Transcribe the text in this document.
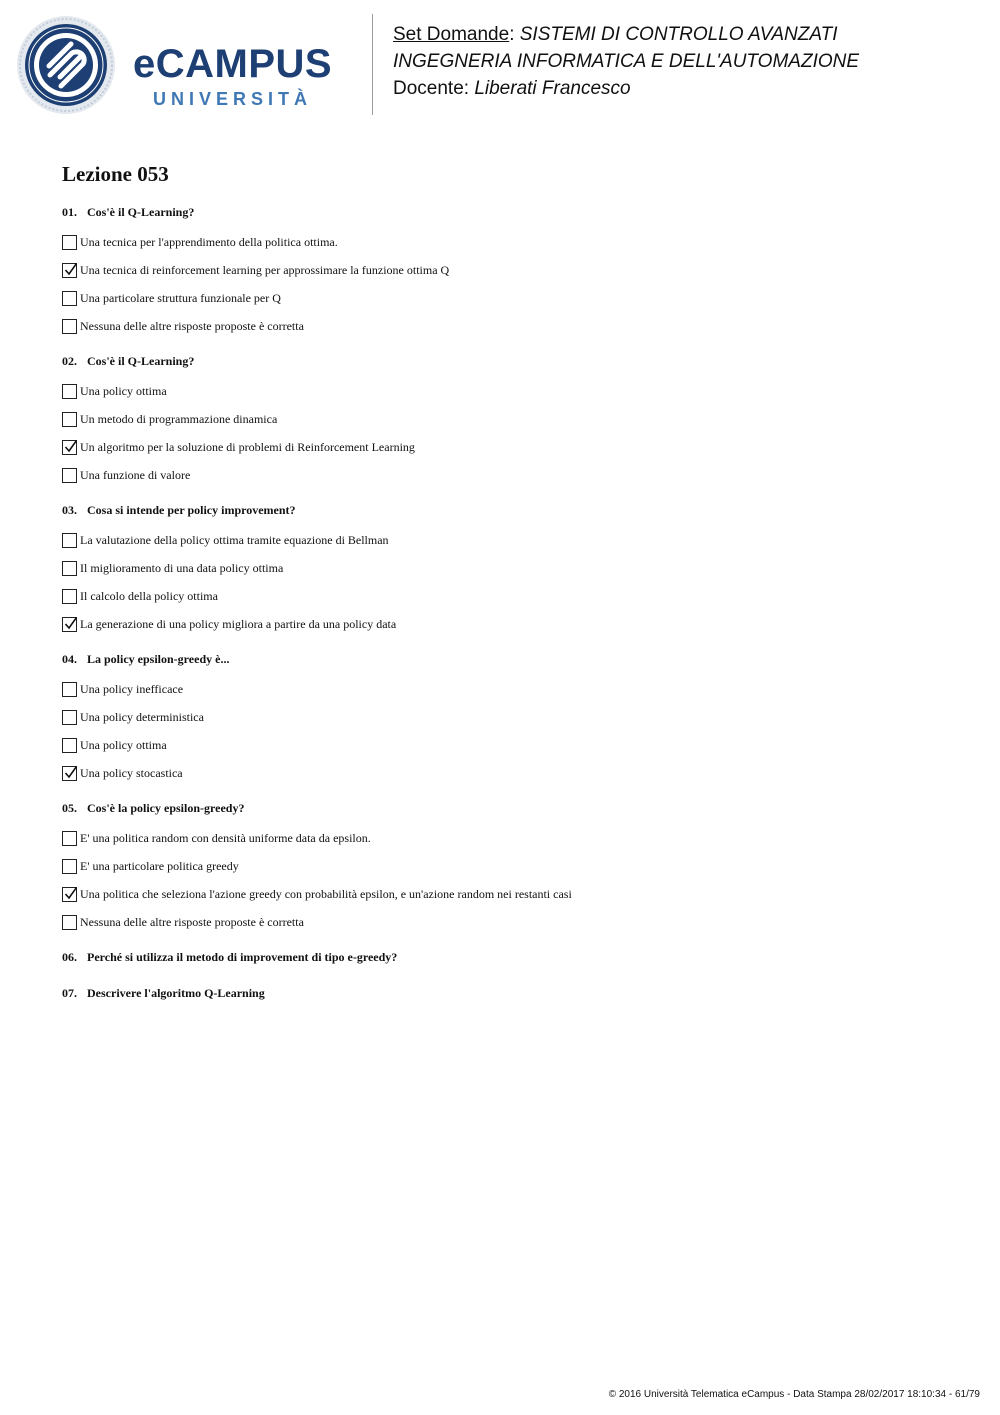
eCAMPUS
UNIVERSITÀ
Set Domande: SISTEMI DI CONTROLLO AVANZATI
INGEGNERIA INFORMATICA E DELL'AUTOMAZIONE
Docente: Liberati Francesco
Lezione 053
01. Cos'è il Q-Learning?
Una tecnica per l'apprendimento della politica ottima.
Una tecnica di reinforcement learning per approssimare la funzione ottima Q
Una particolare struttura funzionale per Q
Nessuna delle altre risposte proposte è corretta
02. Cos'è il Q-Learning?
Una policy ottima
Un metodo di programmazione dinamica
Un algoritmo per la soluzione di problemi di Reinforcement Learning
Una funzione di valore
03. Cosa si intende per policy improvement?
La valutazione della policy ottima tramite equazione di Bellman
Il miglioramento di una data policy ottima
Il calcolo della policy ottima
La generazione di una policy migliora a partire da una policy data
04. La policy epsilon-greedy è...
Una policy inefficace
Una policy deterministica
Una policy ottima
Una policy stocastica
05. Cos'è la policy epsilon-greedy?
E' una politica random con densità uniforme data da epsilon.
E' una particolare politica greedy
Una politica che seleziona l'azione greedy con probabilità epsilon, e un'azione random nei restanti casi
Nessuna delle altre risposte proposte è corretta
06. Perché si utilizza il metodo di improvement di tipo e-greedy?
07. Descrivere l'algoritmo Q-Learning
© 2016 Università Telematica eCampus - Data Stampa 28/02/2017 18:10:34 - 61/79
